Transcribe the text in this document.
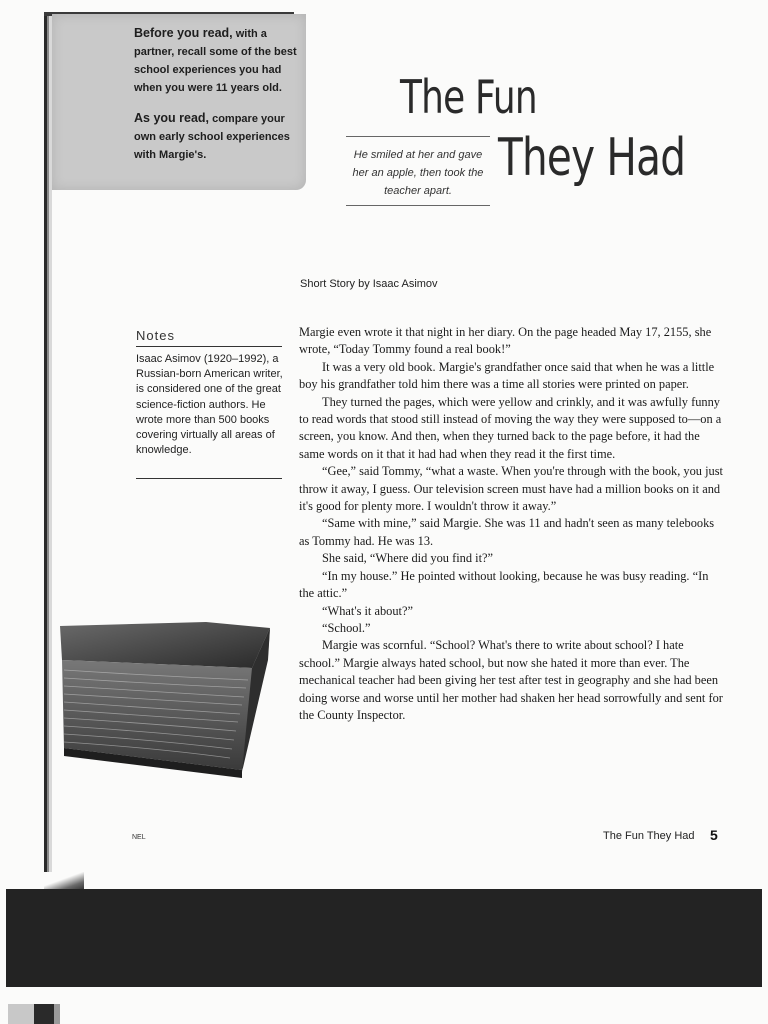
Before you read, with a partner, recall some of the best school experiences you had when you were 11 years old.

As you read, compare your own early school experiences with Margie's.

The Fun
They Had
He smiled at her and gave her an apple, then took the teacher apart.
Short Story by Isaac Asimov
Notes
Isaac Asimov (1920–1992), a Russian-born American writer, is considered one of the great science-fiction authors. He wrote more than 500 books covering virtually all areas of knowledge.

Margie even wrote it that night in her diary. On the page headed May 17, 2155, she wrote, “Today Tommy found a real book!”

It was a very old book. Margie's grandfather once said that when he was a little boy his grandfather told him there was a time all stories were printed on paper.

They turned the pages, which were yellow and crinkly, and it was awfully funny to read words that stood still instead of moving the way they were supposed to—on a screen, you know. And then, when they turned back to the page before, it had the same words on it that it had had when they read it the first time.

“Gee,” said Tommy, “what a waste. When you're through with the book, you just throw it away, I guess. Our television screen must have had a million books on it and it's good for plenty more. I wouldn't throw it away.”

“Same with mine,” said Margie. She was 11 and hadn't seen as many telebooks as Tommy had. He was 13.

She said, “Where did you find it?”

“In my house.” He pointed without looking, because he was busy reading. “In the attic.”

“What's it about?”

“School.”

Margie was scornful. “School? What's there to write about school? I hate school.” Margie always hated school, but now she hated it more than ever. The mechanical teacher had been giving her test after test in geography and she had been doing worse and worse until her mother had shaken her head sorrowfully and sent for the County Inspector.

NEL	The Fun They Had 5
